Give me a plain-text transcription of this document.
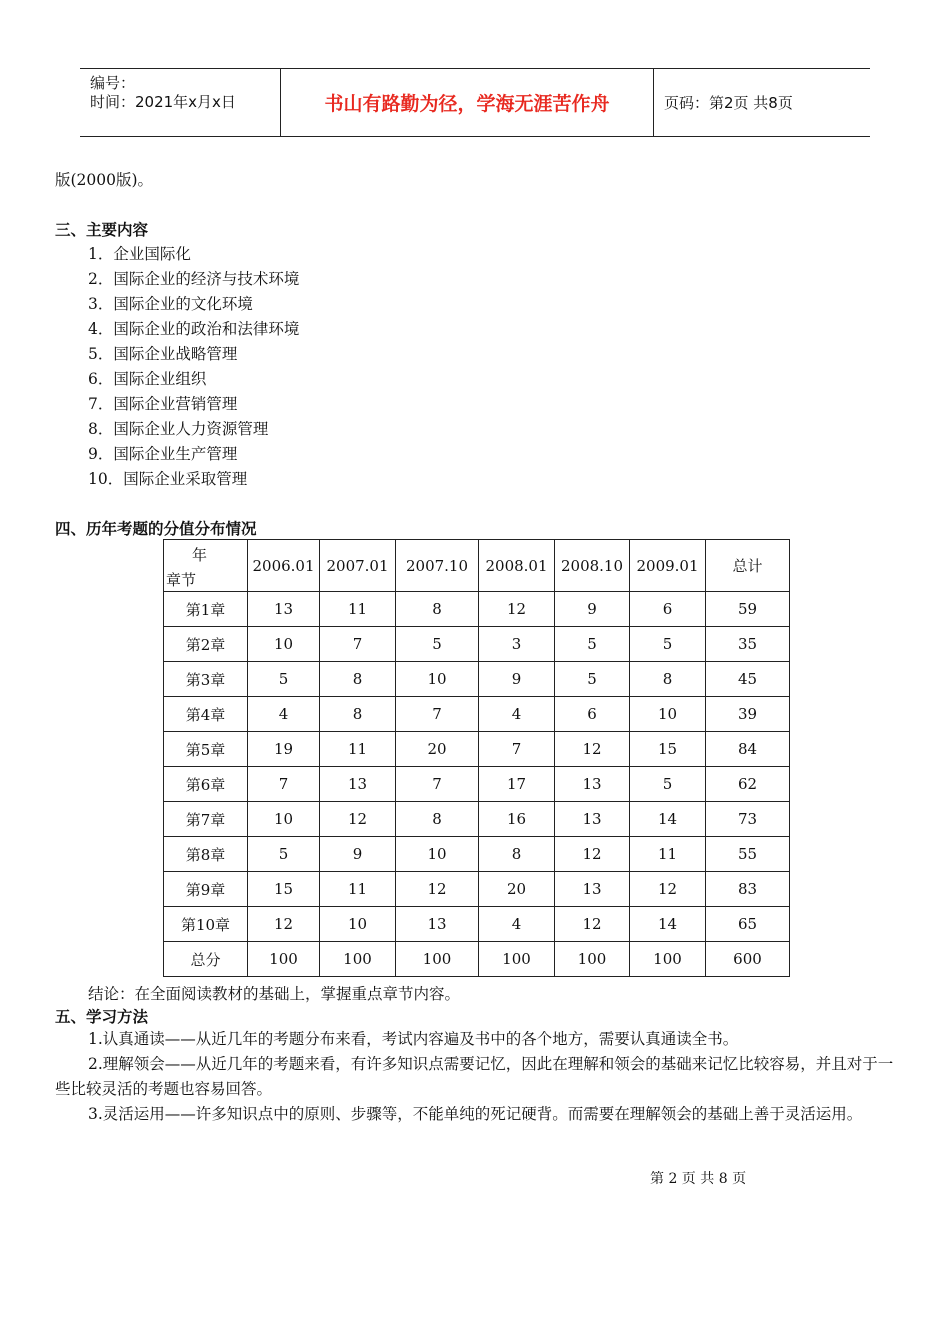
编号：
时间：2021年x月x日	书山有路勤为径，学海无涯苦作舟	页码：第2页 共8页
版(2000版)。
三、主要内容
1．企业国际化
2．国际企业的经济与技术环境
3．国际企业的文化环境
4．国际企业的政治和法律环境
5．国际企业战略管理
6．国际企业组织
7．国际企业营销管理
8．国际企业人力资源管理
9．国际企业生产管理
10．国际企业采取管理
四、历年考题的分值分布情况
年
章节	2006.01	2007.01	2007.10	2008.01	2008.10	2009.01	总计
第1章	13	11	8	12	9	6	59
第2章	10	7	5	3	5	5	35
第3章	5	8	10	9	5	8	45
第4章	4	8	7	4	6	10	39
第5章	19	11	20	7	12	15	84
第6章	7	13	7	17	13	5	62
第7章	10	12	8	16	13	14	73
第8章	5	9	10	8	12	11	55
第9章	15	11	12	20	13	12	83
第10章	12	10	13	4	12	14	65
总分	100	100	100	100	100	100	600
结论：在全面阅读教材的基础上，掌握重点章节内容。
五、学习方法
1.认真通读——从近几年的考题分布来看，考试内容遍及书中的各个地方，需要认真通读全书。
2.理解领会——从近几年的考题来看，有许多知识点需要记忆，因此在理解和领会的基础来记忆比较容易，并且对于一些比较灵活的考题也容易回答。
3.灵活运用——许多知识点中的原则、步骤等，不能单纯的死记硬背。而需要在理解领会的基础上善于灵活运用。
第 2 页 共 8 页
